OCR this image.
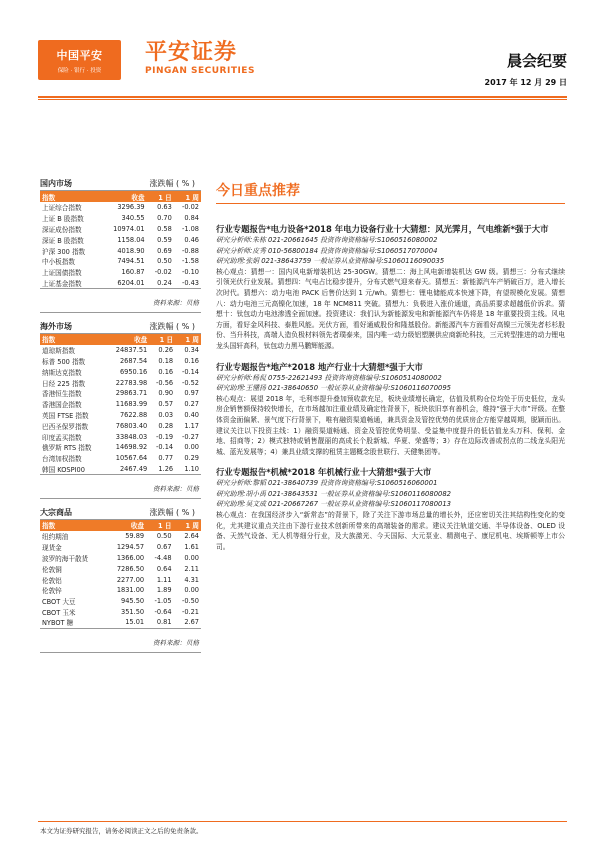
中国平安
保险 · 银行 · 投资
平安证券
PINGAN SECURITIES
晨会纪要
2017 年 12 月 29 日
国内市场	涨跌幅 ( % )
指数	收盘	1 日	1 周
上证综合指数	3296.39	0.63	-0.02
上证 B 股指数	340.55	0.70	0.84
深证成份指数	10974.01	0.58	-1.08
深证 B 股指数	1158.04	0.59	0.46
沪深 300 指数	4018.90	0.69	-0.88
中小板指数	7494.51	0.50	-1.58
上证国债指数	160.87	-0.02	-0.10
上证基金指数	6204.01	0.24	-0.43
资料来源：贝格
海外市场	涨跌幅 ( % )
指数	收盘	1 日	1 周
道琼斯指数	24837.51	0.26	0.34
标普 500 指数	2687.54	0.18	0.16
纳斯达克指数	6950.16	0.16	-0.14
日经 225 指数	22783.98	-0.56	-0.52
香港恒生指数	29863.71	0.90	0.97
香港国企指数	11683.99	0.57	0.27
英国 FTSE 指数	7622.88	0.03	0.40
巴西圣保罗指数	76803.40	0.28	1.17
印度孟买指数	33848.03	-0.19	-0.27
俄罗斯 RTS 指数	14698.92	-0.14	0.00
台湾加权指数	10567.64	0.77	0.29
韩国 KOSPI00	2467.49	1.26	1.10
资料来源：贝格
大宗商品	涨跌幅 ( % )
指数	收盘	1 日	1 周
纽约期油	59.89	0.50	2.64
现货金	1294.57	0.67	1.61
波罗的海干散货	1366.00	-4.48	0.00
伦敦铜	7286.50	0.64	2.11
伦敦铝	2277.00	1.11	4.31
伦敦锌	1831.00	1.89	0.00
CBOT 大豆	945.50	-1.05	-0.50
CBOT 玉米	351.50	-0.64	-0.21
NYBOT 糖	15.01	0.81	2.67
资料来源：贝格
今日重点推荐
行业专题报告*电力设备*2018 年电力设备行业十大猜想：风光霁月，气电维新*强于大市
研究分析师:朱栋 021-20661645 投资咨询资格编号:S1060516080002
研究分析师:皮秀 010-56800184 投资咨询资格编号:S1060517070004
研究助理:张娟 021-38643759 一般证券从业资格编号:S1060116090035
核心观点：猜想一：国内风电新增装机达 25-30GW。猜想二：海上风电新增装机达 GW 级。猜想三：分布式继续引领光伏行业发展。猜想四：气电占比稳步提升，分布式燃气迎来春天。猜想五：新能源汽车产销破百万，进入增长次时代。猜想六：动力电池 PACK 后售价达到 1 元/wh。猜想七：锂电储能成本快速下降，有望规模化发展。猜想八：动力电池三元高镍化加速，18 年 NCM811 突破。猜想九：负极进入涨价通道，高品质要求超越低价诉求。猜想十：钛包动力电池渗透全面加速。投资建议：我们认为新能源发电和新能源汽车仍将是 18 年重要投资主线。风电方面，看好金风科技、泰胜风能。光伏方面，看好通威股份和隆基股份。新能源汽车方面看好高镍三元领先者杉杉股份、当升科技，高端人造负极材料领先者璞泰来，国内唯一动力级铝塑膜供应商新纶科技，三元转型推进的动力锂电龙头国轩高科，钛包动力黑马鹏辉能源。
行业专题报告*地产*2018 地产行业十大猜想*强于大市
研究分析师:杨侃 0755-22621493 投资咨询资格编号:S1060514080002
研究助理:王懂扬 021-38640650 一般证券从业资格编号:S1060116070095
核心观点：展望 2018 年，毛利率提升叠加预收款充足，板块业绩增长确定，估值及机构仓位均处于历史低位，龙头房企销售额保持较快增长，在市场越加注重业绩及确定性背景下，板块依旧享有善机会，维持“强于大市”评级。在整体资金面偏紧、景气度下行背景下，唯有融资渠道畅通，兼具资金及管控优势的优质房企方能穿越周期，脱颖而出。建议关注以下投资主线：1）融资渠道畅通、资金及管控优势明显、受益集中度提升的低估值龙头万科、保利、金地、招商等；2）模式独特或销售靓丽的高成长个股新城、华夏、荣盛等；3）存在边际改善或拐点的二线龙头阳光城、蓝光发展等；4）兼具业绩支撑的租赁主题概念股世联行、天健集团等。
行业专题报告*机械*2018 年机械行业十大猜想*强于大市
研究分析师:黎韬 021-38640739 投资咨询资格编号:S1060516060001
研究助理:胡小禹 021-38643531 一般证券从业资格编号:S1060116080082
研究助理:吴文成 021-20667267 一般证券从业资格编号:S1060117080013
核心观点：在我国经济步入“新常态”的背景下，除了关注下游市场总量的增长外，还应密切关注其结构性变化的变化，尤其建议重点关注由下游行业技术创新所带来的高端装备的需求。建议关注轨道交通、半导体设备、OLED 设备、天然气设备、无人机等细分行业，及大族激光、今天国际、大元泵业、精测电子、康尼机电、埃斯顿等上市公司。
本文为证券研究报告，请务必阅读正文之后的免责条款。
